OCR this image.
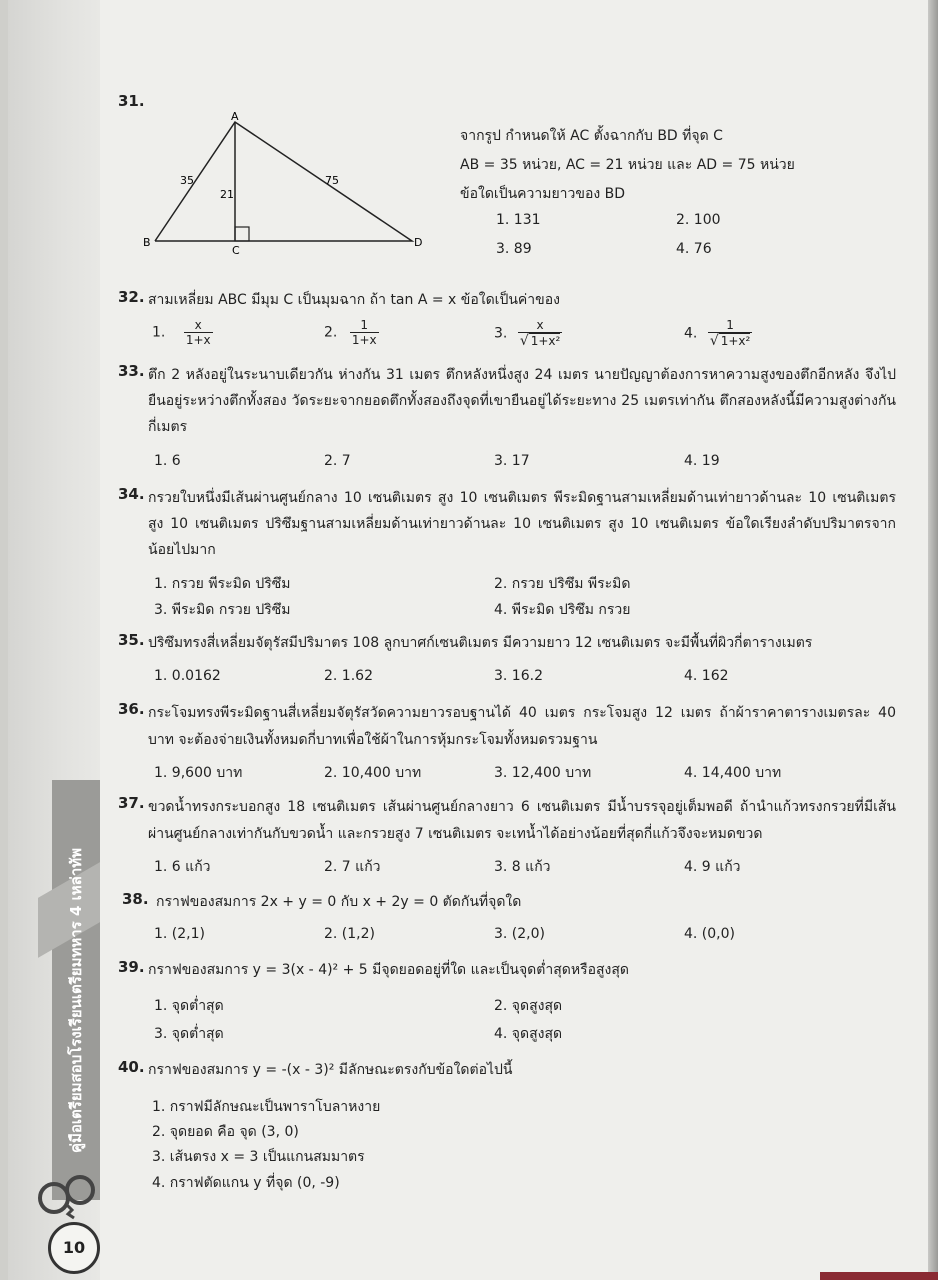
คู่มือเตรียมสอบโรงเรียนเตรียมทหาร 4 เหล่าทัพ
10
31.
A
B
C
D
35
21
75
จากรูป กำหนดให้ AC ตั้งฉากกับ BD ที่จุด C
AB = 35 หน่วย, AC = 21 หน่วย และ AD = 75 หน่วย
ข้อใดเป็นความยาวของ BD
1. 131	2. 100
3. 89	4. 76
32. สามเหลี่ยม ABC มีมุม C เป็นมุมฉาก ถ้า tan A = x ข้อใดเป็นค่าของ
1. $\frac{x}{1+x}$	2. $\frac{1}{1+x}$	3. $\frac{x}{\text{√ 1+x²}}$	4. $\frac{1}{\text{√ 1+x²}}$
33. ตึก 2 หลังอยู่ในระนาบเดียวกัน ห่างกัน 31 เมตร ตึกหลังหนึ่งสูง 24 เมตร นายปัญญาต้องการหาความสูงของตึกอีกหลัง จึงไปยืนอยู่ระหว่างตึกทั้งสอง วัดระยะจากยอดตึกทั้งสองถึงจุดที่เขายืนอยู่ได้ระยะทาง 25 เมตรเท่ากัน ตึกสองหลังนี้มีความสูงต่างกันกี่เมตร
1. 6	2. 7	3. 17	4. 19
34. กรวยใบหนึ่งมีเส้นผ่านศูนย์กลาง 10 เซนติเมตร สูง 10 เซนติเมตร พีระมิดฐานสามเหลี่ยมด้านเท่ายาวด้านละ 10 เซนติเมตร สูง 10 เซนติเมตร ปริซึมฐานสามเหลี่ยมด้านเท่ายาวด้านละ 10 เซนติเมตร สูง 10 เซนติเมตร ข้อใดเรียงลำดับปริมาตรจากน้อยไปมาก
1. กรวย พีระมิด ปริซึม	2. กรวย ปริซึม พีระมิด
3. พีระมิด กรวย ปริซึม	4. พีระมิด ปริซึม กรวย
35. ปริซึมทรงสี่เหลี่ยมจัตุรัสมีปริมาตร 108 ลูกบาศก์เซนติเมตร มีความยาว 12 เซนติเมตร จะมีพื้นที่ผิวกี่ตารางเมตร
1. 0.0162	2. 1.62	3. 16.2	4. 162
36. กระโจมทรงพีระมิดฐานสี่เหลี่ยมจัตุรัสวัดความยาวรอบฐานได้ 40 เมตร กระโจมสูง 12 เมตร ถ้าผ้าราคาตารางเมตรละ 40 บาท จะต้องจ่ายเงินทั้งหมดกี่บาทเพื่อใช้ผ้าในการหุ้มกระโจมทั้งหมดรวมฐาน
1. 9,600 บาท	2. 10,400 บาท	3. 12,400 บาท	4. 14,400 บาท
37. ขวดน้ำทรงกระบอกสูง 18 เซนติเมตร เส้นผ่านศูนย์กลางยาว 6 เซนติเมตร มีน้ำบรรจุอยู่เต็มพอดี ถ้านำแก้วทรงกรวยที่มีเส้นผ่านศูนย์กลางเท่ากันกับขวดน้ำ และกรวยสูง 7 เซนติเมตร จะเทน้ำได้อย่างน้อยที่สุดกี่แก้วจึงจะหมดขวด
1. 6 แก้ว	2. 7 แก้ว	3. 8 แก้ว	4. 9 แก้ว
38. กราฟของสมการ 2x + y = 0 กับ x + 2y = 0 ตัดกันที่จุดใด
1. (2,1)	2. (1,2)	3. (2,0)	4. (0,0)
39. กราฟของสมการ y = 3(x - 4)² + 5 มีจุดยอดอยู่ที่ใด และเป็นจุดต่ำสุดหรือสูงสุด
1. จุดต่ำสุด	2. จุดสูงสุด
3. จุดต่ำสุด	4. จุดสูงสุด
40. กราฟของสมการ y = -(x - 3)² มีลักษณะตรงกับข้อใดต่อไปนี้
1. กราฟมีลักษณะเป็นพาราโบลาหงาย
2. จุดยอด คือ จุด (3, 0)
3. เส้นตรง x = 3 เป็นแกนสมมาตร
4. กราฟตัดแกน y ที่จุด (0, -9)
